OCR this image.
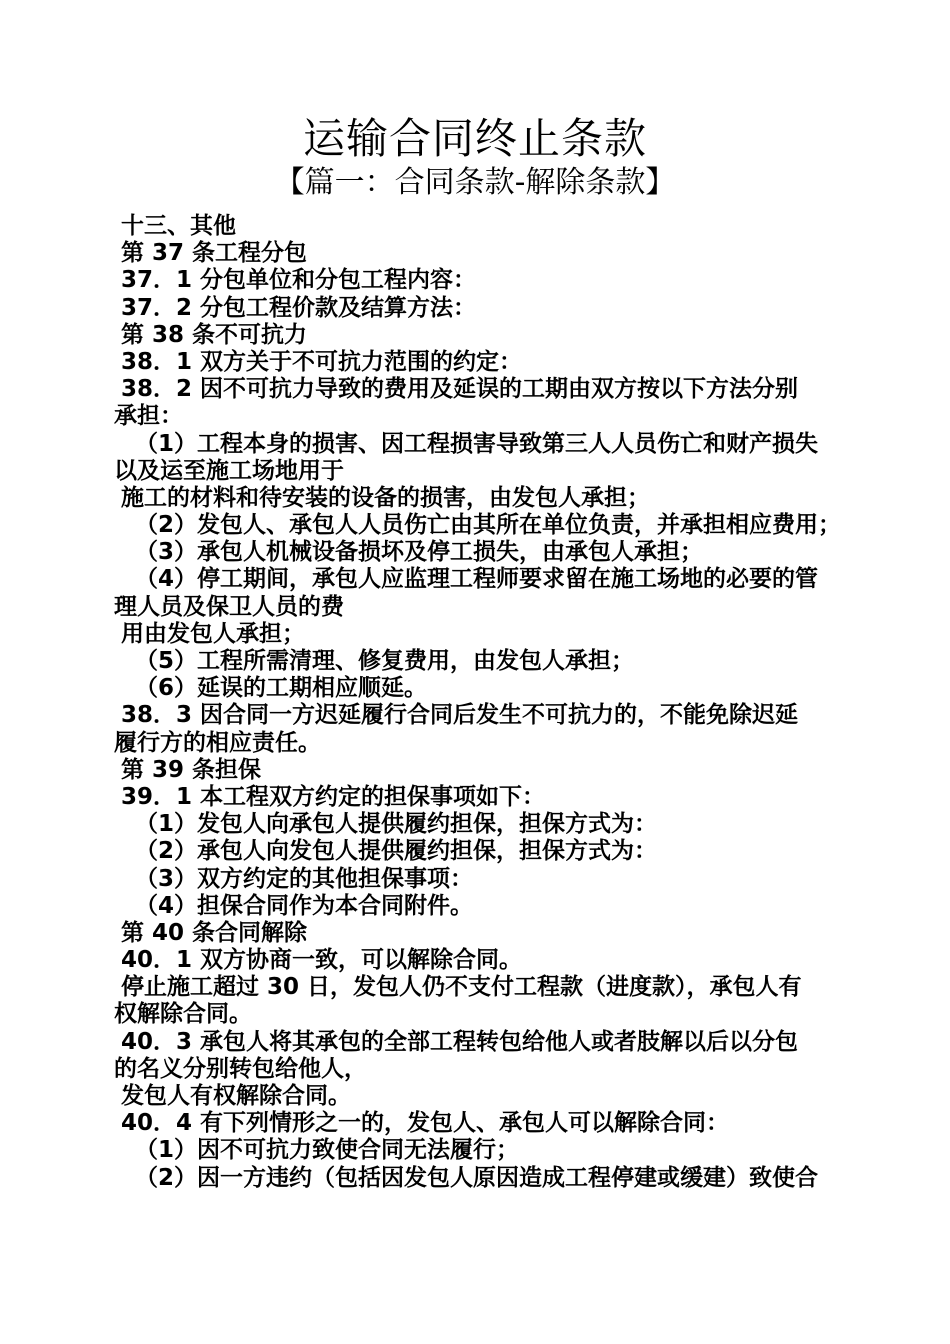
运输合同终止条款
【篇一：合同条款-解除条款】
十三、其他
第 37 条工程分包
37．1 分包单位和分包工程内容：
37．2 分包工程价款及结算方法：
第 38 条不可抗力
38．1 双方关于不可抗力范围的约定：
38．2 因不可抗力导致的费用及延误的工期由双方按以下方法分别
承担：
（1）工程本身的损害、因工程损害导致第三人人员伤亡和财产损失
以及运至施工场地用于
施工的材料和待安装的设备的损害，由发包人承担；
（2）发包人、承包人人员伤亡由其所在单位负责，并承担相应费用；
（3）承包人机械设备损坏及停工损失，由承包人承担；
（4）停工期间，承包人应监理工程师要求留在施工场地的必要的管
理人员及保卫人员的费
用由发包人承担；
（5）工程所需清理、修复费用，由发包人承担；
（6）延误的工期相应顺延。
38．3 因合同一方迟延履行合同后发生不可抗力的，不能免除迟延
履行方的相应责任。
第 39 条担保
39．1 本工程双方约定的担保事项如下：
（1）发包人向承包人提供履约担保，担保方式为：
（2）承包人向发包人提供履约担保，担保方式为：
（3）双方约定的其他担保事项：
（4）担保合同作为本合同附件。
第 40 条合同解除
40．1 双方协商一致，可以解除合同。
停止施工超过 30 日，发包人仍不支付工程款（进度款），承包人有
权解除合同。
40．3 承包人将其承包的全部工程转包给他人或者肢解以后以分包
的名义分别转包给他人，
发包人有权解除合同。
40．4 有下列情形之一的，发包人、承包人可以解除合同：
（1）因不可抗力致使合同无法履行；
（2）因一方违约（包括因发包人原因造成工程停建或缓建）致使合
